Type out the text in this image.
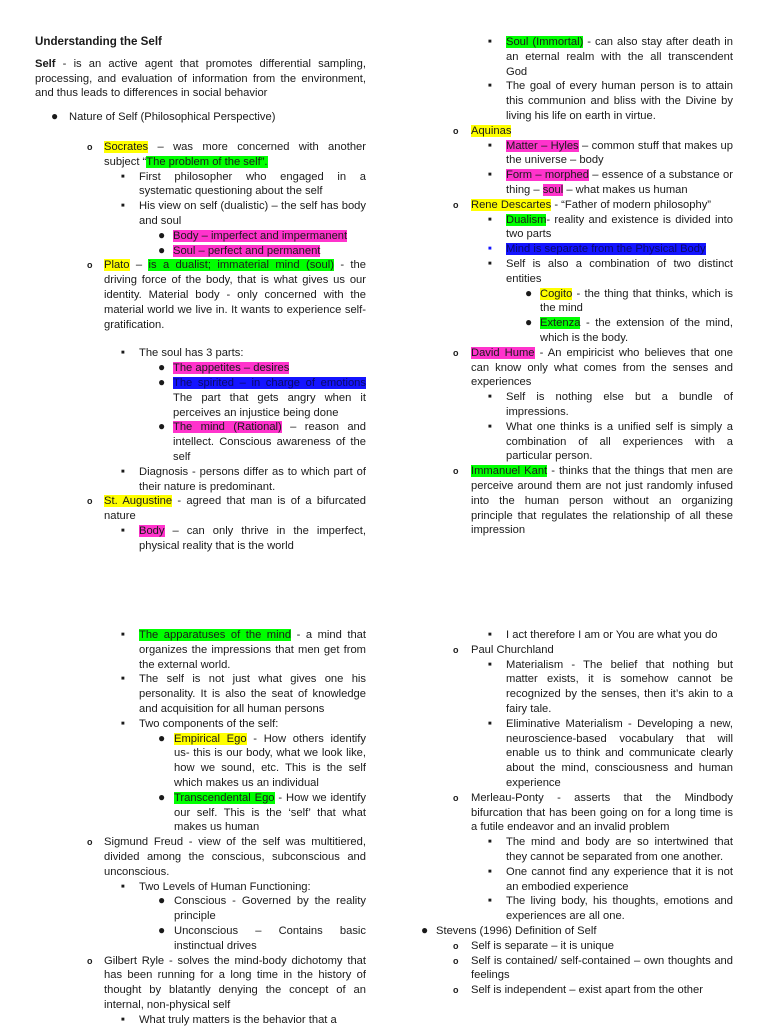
Understanding the Self

Self - is an active agent that promotes differential sampling, processing, and evaluation of information from the environment, and thus leads to differences in social behavior

● Nature of Self (Philosophical Perspective)
o	Socrates – was more concerned with another subject “The problem of the self”.

■	First philosopher who engaged in a systematic questioning about the self

■	His view on self (dualistic) – the self has body and soul

● Body – imperfect and impermanent
● Soul – perfect and permanent
o	Plato – is a dualist; immaterial mind (soul) - the driving force of the body, that is what gives us our identity. Material body - only concerned with the material world we live in. It wants to experience self-gratification.

■	The soul has 3 parts:

● The appetites – desires
● The spirited – in charge of emotions The part that gets angry when it perceives an injustice being done

● The mind (Rational) – reason and intellect. Conscious awareness of the self

■	Diagnosis - persons differ as to which part of their nature is predominant.

o	St. Augustine - agreed that man is of a bifurcated nature

■	Body – can only thrive in the imperfect, physical reality that is the world

■	Soul (Immortal) - can also stay after death in an eternal realm with the all transcendent God

■	The goal of every human person is to attain this communion and bliss with the Divine by living his life on earth in virtue.

o	Aquinas

■	Matter – Hyles – common stuff that makes up the universe – body

■	Form – morphed – essence of a substance or thing – soul – what makes us human

o	Rene Descartes - “Father of modern philosophy”

■	Dualism- reality and existence is divided into two parts

■	Mind is separate from the Physical Body

■	Self is also a combination of two distinct entities

● Cogito - the thing that thinks, which is the mind

● Extenza - the extension of the mind, which is the body.

o	David Hume - An empiricist who believes that one can know only what comes from the senses and experiences

■	Self is nothing else but a bundle of impressions.

■	What one thinks is a unified self is simply a combination of all experiences with a particular person.

o	Immanuel Kant - thinks that the things that men are perceive around them are not just randomly infused into the human person without an organizing principle that regulates the relationship of all these impression

■	The apparatuses of the mind - a mind that organizes the impressions that men get from the external world.

■	The self is not just what gives one his personality. It is also the seat of knowledge and acquisition for all human persons

■	Two components of the self:

● Empirical Ego - How others identify us- this is our body, what we look like, how we sound, etc. This is the self which makes us an individual

● Transcendental Ego - How we identify our self. This is the ‘self’ that what makes us human

o	Sigmund Freud - view of the self was multitiered, divided among the conscious, subconscious and unconscious.

■	Two Levels of Human Functioning:

● Conscious - Governed by the reality principle

● Unconscious – Contains basic instinctual drives

o	Gilbert Ryle - solves the mind-body dichotomy that has been running for a long time in the history of thought by blatantly denying the concept of an internal, non-physical self

■	What truly matters is the behavior that a

■	I act therefore I am or You are what you do

o	Paul Churchland

■	Materialism - The belief that nothing but matter exists, it is somehow cannot be recognized by the senses, then it’s akin to a fairy tale.

■	Eliminative Materialism - Developing a new, neuroscience-based vocabulary that will enable us to think and communicate clearly about the mind, consciousness and human experience

o	Merleau-Ponty - asserts that the Mindbody bifurcation that has been going on for a long time is a futile endeavor and an invalid problem

■	The mind and body are so intertwined that they cannot be separated from one another.

■	One cannot find any experience that it is not an embodied experience

■	The living body, his thoughts, emotions and experiences are all one.

● Stevens (1996) Definition of Self

o	Self is separate – it is unique

o	Self is contained/ self-contained – own thoughts and feelings

o	Self is independent – exist apart from the other
